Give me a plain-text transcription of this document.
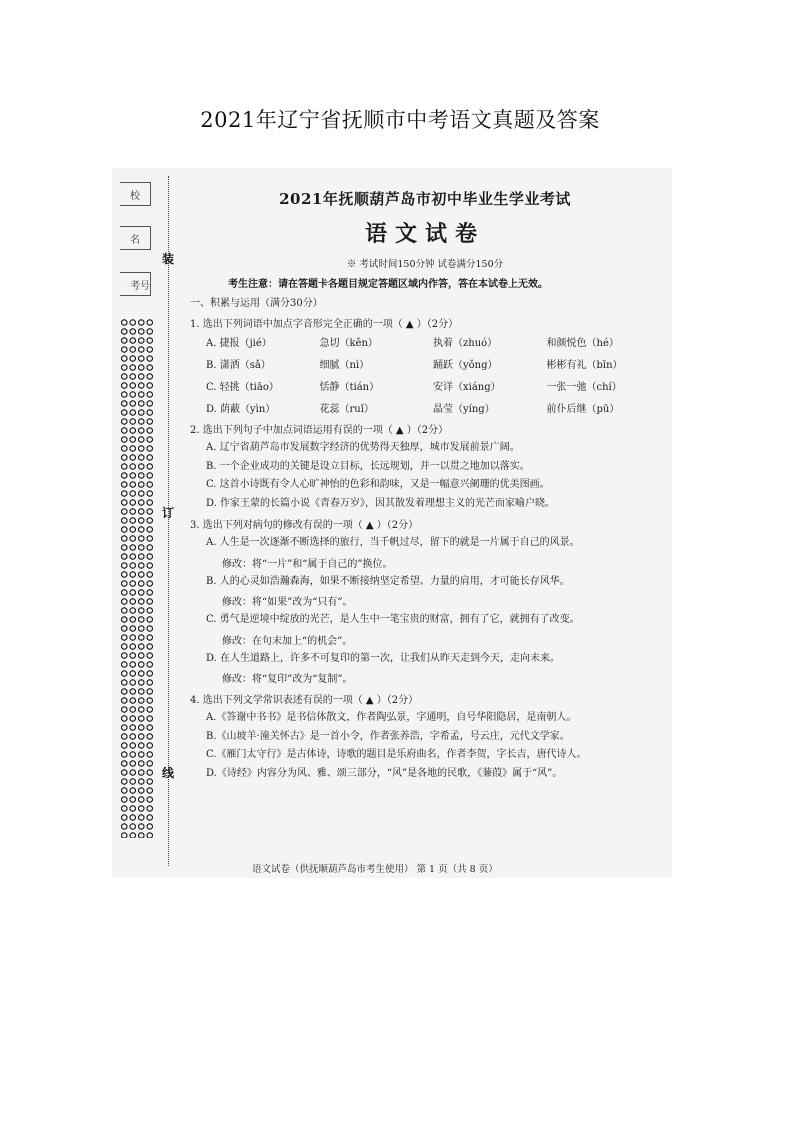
2021年辽宁省抚顺市中考语文真题及答案
校
名
考号
装
订
线
2021年抚顺葫芦岛市初中毕业生学业考试
语文试卷
※ 考试时间150分钟 试卷满分150分
考生注意：请在答题卡各题目规定答题区域内作答，答在本试卷上无效。
一、积累与运用（满分30分）
1. 选出下列词语中加点字音形完全正确的一项（ ▲ ）（2分）
A. 捷报（jié）	急切（kěn）	执着（zhuó）	和颜悦色（hé）
B. 潇洒（sǎ）	细腻（nì）	踊跃（yǒng）	彬彬有礼（bīn）
C. 轻挑（tiāo）	恬静（tián）	安详（xiáng）	一张一弛（chí）
D. 荫蔽（yìn）	花蕊（ruǐ）	晶莹（yíng）	前仆后继（pū）
2. 选出下列句子中加点词语运用有误的一项（ ▲ ）（2分）
A. 辽宁省葫芦岛市发展数字经济的优势得天独厚，城市发展前景广阔。
B. 一个企业成功的关键是设立目标，长远规划，并一以贯之地加以落实。
C. 这首小诗既有令人心旷神怡的色彩和韵味，又是一幅意兴阑珊的优美图画。
D. 作家王蒙的长篇小说《青春万岁》，因其散发着理想主义的光芒而家喻户晓。
3. 选出下列对病句的修改有误的一项（ ▲ ）（2分）
A. 人生是一次逐渐不断选择的旅行，当千帆过尽，留下的就是一片属于自己的风景。
修改：将“一片”和“属于自己的”换位。
B. 人的心灵如浩瀚森海，如果不断接纳坚定希望、力量的肩用，才可能长存风华。
修改：将“如果”改为“只有”。
C. 勇气是逆境中绽放的光芒，是人生中一笔宝贵的财富，拥有了它，就拥有了改变。
修改：在句末加上“的机会”。
D. 在人生道路上，许多不可复印的第一次，让我们从昨天走到今天，走向未来。
修改：将“复印”改为“复制”。
4. 选出下列文学常识表述有误的一项（ ▲ ）（2分）
A.《答谢中书书》是书信体散文，作者陶弘景，字通明，自号华阳隐居，是南朝人。
B.《山坡羊·潼关怀古》是一首小令，作者张养浩，字希孟，号云庄，元代文学家。
C.《雁门太守行》是古体诗，诗歌的题目是乐府曲名，作者李贺，字长吉，唐代诗人。
D.《诗经》内容分为风、雅、颂三部分，“风”是各地的民歌，《蒹葭》属于“风”。
语文试卷（供抚顺葫芦岛市考生使用） 第 1 页（共 8 页）
